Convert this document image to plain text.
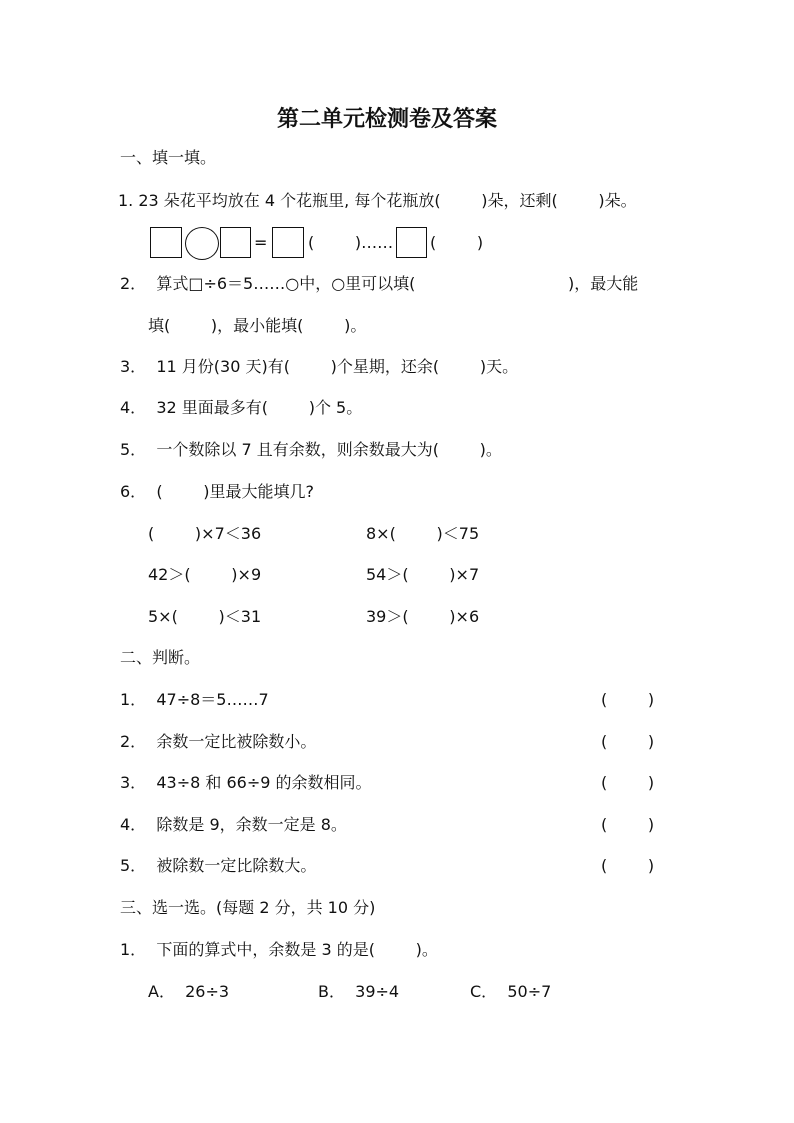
第二单元检测卷及答案
一、填一填。
1. 23 朵花平均放在 4 个花瓶里, 每个花瓶放(        )朵，还剩(        )朵。
=	(        )…… (        )
2．  算式□÷6＝5……○中，○里可以填(                              )，最大能
填(        )，最小能填(        )。
3．  11 月份(30 天)有(        )个星期，还余(        )天。
4．  32 里面最多有(        )个 5。
5．  一个数除以 7 且有余数，则余数最大为(        )。
6．  (        )里最大能填几?
(        )×7＜36	8×(        )＜75
42＞(        )×9	54＞(        )×7
5×(        )＜31	39＞(        )×6
二、判断。
1．  47÷8＝5……7	(        )
2．  余数一定比被除数小。	(        )
3．  43÷8 和 66÷9 的余数相同。	(        )
4．  除数是 9，余数一定是 8。	(        )
5．  被除数一定比除数大。	(        )
三、选一选。(每题 2 分，共 10 分)
1．  下面的算式中，余数是 3 的是(        )。
A．  26÷3	B．  39÷4	C．  50÷7
